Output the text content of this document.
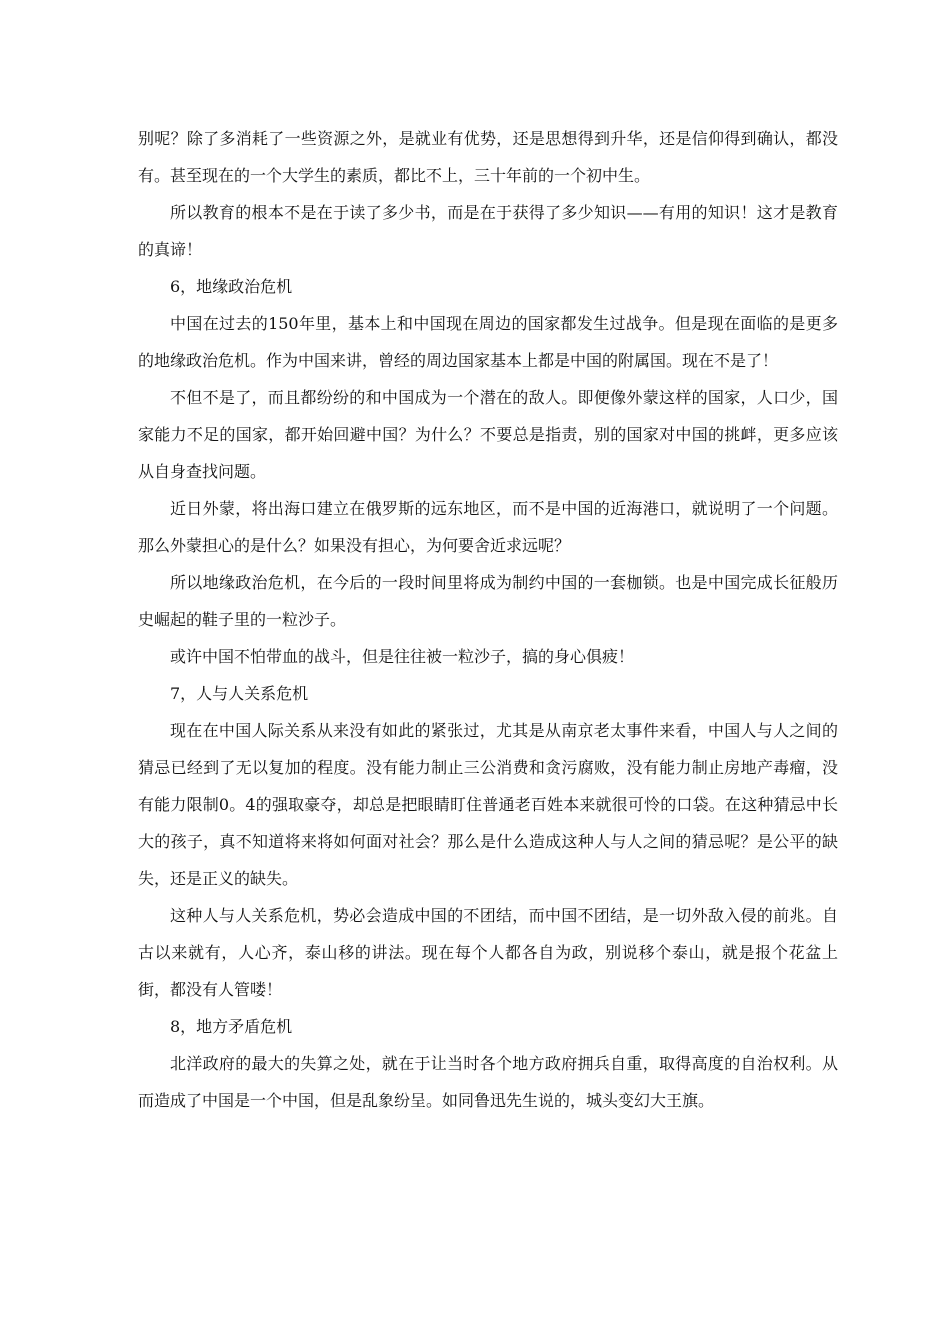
别呢？除了多消耗了一些资源之外，是就业有优势，还是思想得到升华，还是信仰得到确认，都没有。甚至现在的一个大学生的素质，都比不上，三十年前的一个初中生。

所以教育的根本不是在于读了多少书，而是在于获得了多少知识——有用的知识！这才是教育的真谛！

6，地缘政治危机

中国在过去的150年里，基本上和中国现在周边的国家都发生过战争。但是现在面临的是更多的地缘政治危机。作为中国来讲，曾经的周边国家基本上都是中国的附属国。现在不是了！

不但不是了，而且都纷纷的和中国成为一个潜在的敌人。即便像外蒙这样的国家，人口少，国家能力不足的国家，都开始回避中国？为什么？不要总是指责，别的国家对中国的挑衅，更多应该从自身查找问题。

近日外蒙，将出海口建立在俄罗斯的远东地区，而不是中国的近海港口，就说明了一个问题。那么外蒙担心的是什么？如果没有担心，为何要舍近求远呢？

所以地缘政治危机，在今后的一段时间里将成为制约中国的一套枷锁。也是中国完成长征般历史崛起的鞋子里的一粒沙子。

或许中国不怕带血的战斗，但是往往被一粒沙子，搞的身心俱疲！

7，人与人关系危机

现在在中国人际关系从来没有如此的紧张过，尤其是从南京老太事件来看，中国人与人之间的猜忌已经到了无以复加的程度。没有能力制止三公消费和贪污腐败，没有能力制止房地产毒瘤，没有能力限制0。4的强取豪夺，却总是把眼睛盯住普通老百姓本来就很可怜的口袋。在这种猜忌中长大的孩子，真不知道将来将如何面对社会？那么是什么造成这种人与人之间的猜忌呢？是公平的缺失，还是正义的缺失。

这种人与人关系危机，势必会造成中国的不团结，而中国不团结，是一切外敌入侵的前兆。自古以来就有，人心齐，泰山移的讲法。现在每个人都各自为政，别说移个泰山，就是报个花盆上街，都没有人管喽！

8，地方矛盾危机

北洋政府的最大的失算之处，就在于让当时各个地方政府拥兵自重，取得高度的自治权利。从而造成了中国是一个中国，但是乱象纷呈。如同鲁迅先生说的，城头变幻大王旗。
